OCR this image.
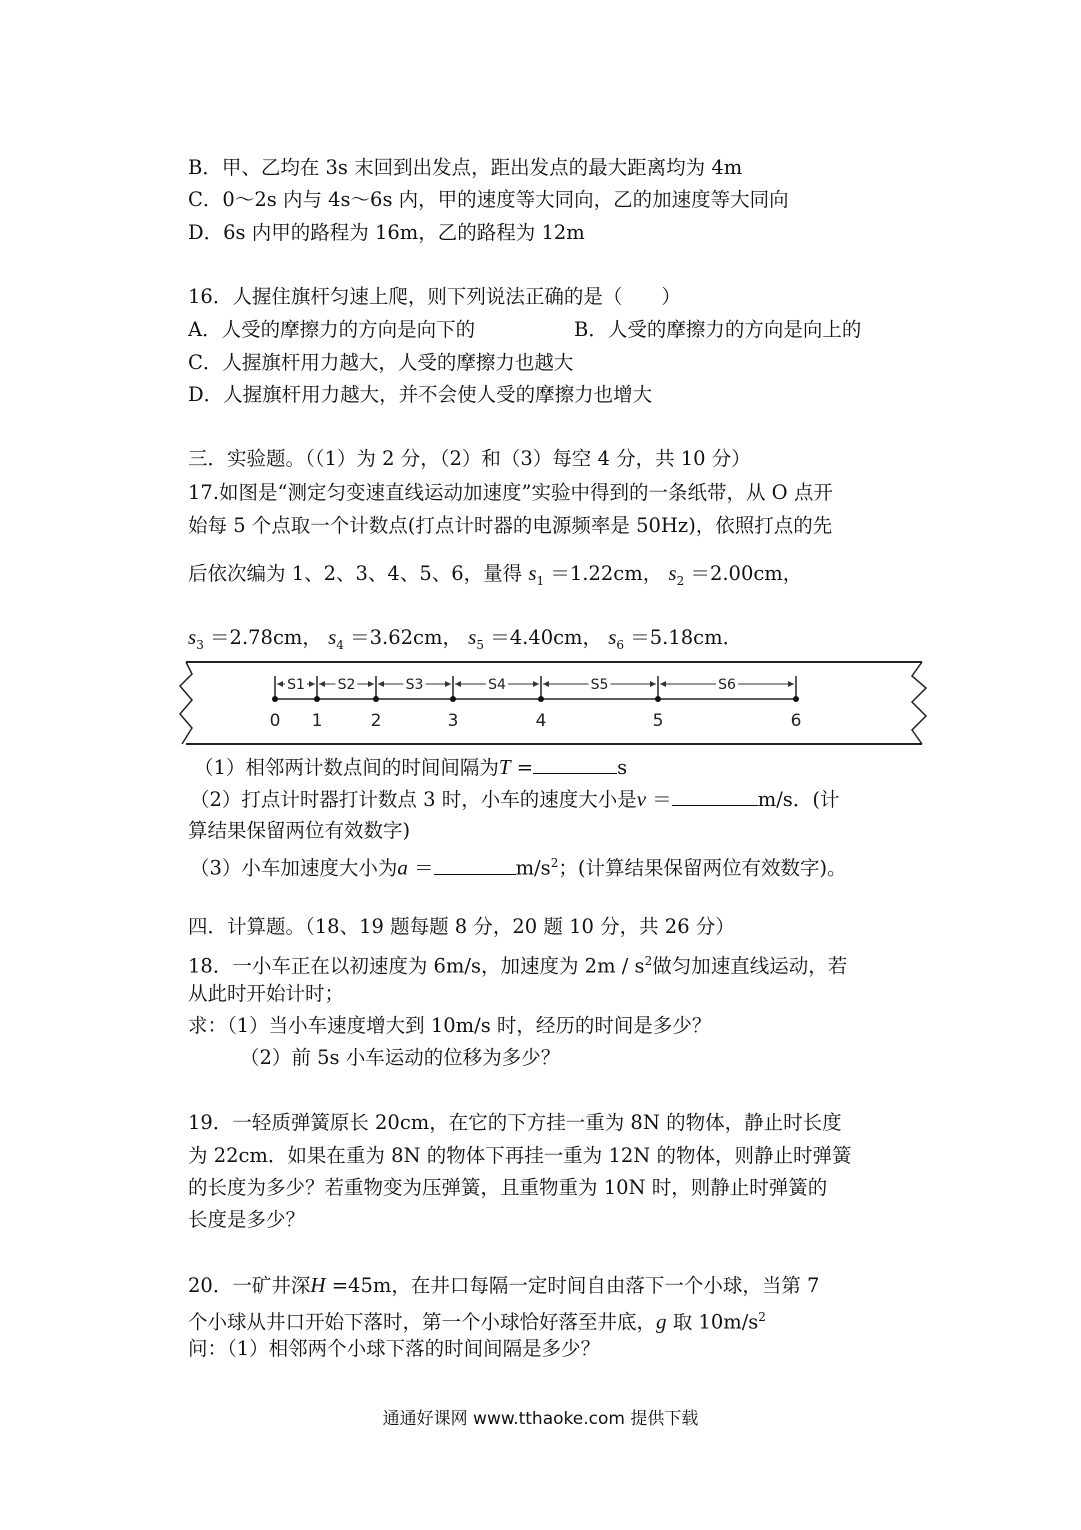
B．甲、乙均在 3s 末回到出发点，距出发点的最大距离均为 4m
C．0～2s 内与 4s～6s 内，甲的速度等大同向，乙的加速度等大同向
D．6s 内甲的路程为 16m，乙的路程为 12m
16．人握住旗杆匀速上爬，则下列说法正确的是（　　）
A．人受的摩擦力的方向是向下的	B．人受的摩擦力的方向是向上的
C．人握旗杆用力越大，人受的摩擦力也越大
D．人握旗杆用力越大，并不会使人受的摩擦力也增大
三．实验题。（（1）为 2 分，（2）和（3）每空 4 分，共 10 分）
17.如图是“测定匀变速直线运动加速度”实验中得到的一条纸带，从 O 点开
始每 5 个点取一个计数点(打点计时器的电源频率是 50Hz)，依照打点的先
后依次编为 1、2、3、4、5、6，量得 $s_1 =1.22cm$， $s_2 =2.00cm$，
$s_3 =2.78cm$， $s_4 =3.62cm$， $s_5 =4.40cm$， $s_6 =5.18cm$．
0 1	2	3	4	5	6
S1 S2	S3	S4	S5	S6
（1）相邻两计数点间的时间间隔为T =	s
（2）打点计时器打计数点 3 时，小车的速度大小是v ＝	m/s．(计
算结果保留两位有效数字)
（3）小车加速度大小为a ＝	$m/s^2$；(计算结果保留两位有效数字)。
四．计算题。（18、19 题每题 8 分，20 题 10 分，共 26 分）
18．一小车正在以初速度为 6m/s，加速度为 $2m / s^2$做匀加速直线运动，若
从此时开始计时；
求：（1）当小车速度增大到 10m/s 时，经历的时间是多少？
（2）前 5s 小车运动的位移为多少？
19．一轻质弹簧原长 20cm，在它的下方挂一重为 8N 的物体，静止时长度
为 22cm．如果在重为 8N 的物体下再挂一重为 12N 的物体，则静止时弹簧
的长度为多少？若重物变为压弹簧，且重物重为 10N 时，则静止时弹簧的
长度是多少？
20．一矿井深H =45m，在井口每隔一定时间自由落下一个小球，当第 7
个小球从井口开始下落时，第一个小球恰好落至井底，g 取 $10m/s^2$
问：（1）相邻两个小球下落的时间间隔是多少？
通通好课网 www.tthaoke.com 提供下载
